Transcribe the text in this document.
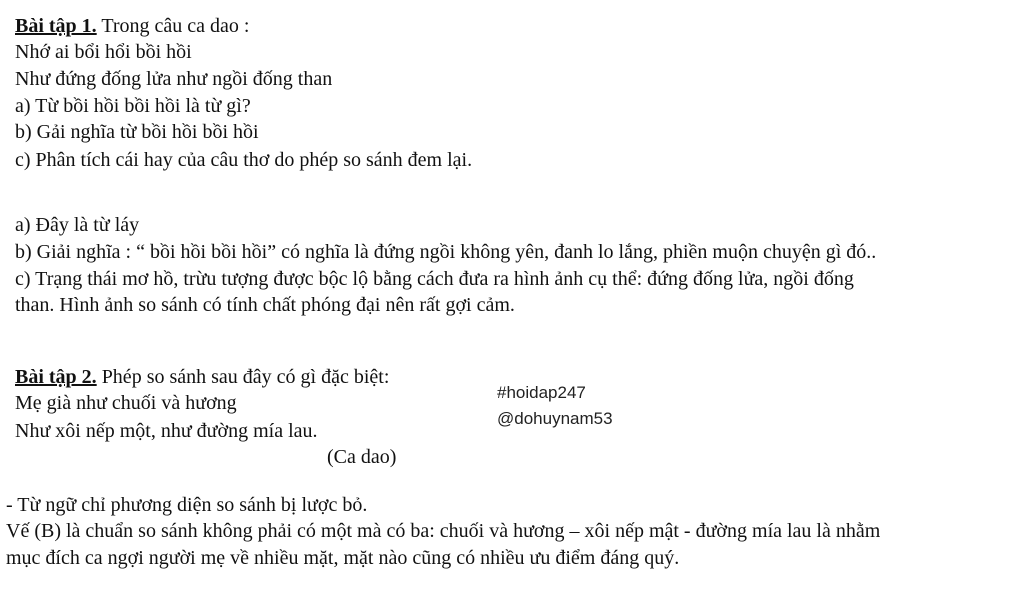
Bài tập 1. Trong câu ca dao :
Nhớ ai bổi hổi bồi hồi
Như đứng đống lửa như ngồi đống than
a) Từ bồi hồi bồi hồi là từ gì?
b) Gải nghĩa từ bồi hồi bồi hồi
c) Phân tích cái hay của câu thơ do phép so sánh đem lại.
a) Đây là từ láy
b) Giải nghĩa : “ bồi hồi bồi hồi” có nghĩa là đứng ngồi không yên, đanh lo lắng, phiền muộn chuyện gì đó..
c) Trạng thái mơ hồ, trừu tượng được bộc lộ bằng cách đưa ra hình ảnh cụ thể: đứng đống lửa, ngồi đống
than. Hình ảnh so sánh có tính chất phóng đại nên rất gợi cảm.
Bài tập 2. Phép so sánh sau đây có gì đặc biệt:
Mẹ già như chuối và hương
Như xôi nếp một, như đường mía lau.
(Ca dao)
- Từ ngữ chỉ phương diện so sánh bị lược bỏ.
Vế (B) là chuẩn so sánh không phải có một mà có ba: chuối và hương – xôi nếp mật - đường mía lau là nhằm
mục đích ca ngợi người mẹ về nhiều mặt, mặt nào cũng có nhiều ưu điểm đáng quý.
#hoidap247
@dohuynam53
